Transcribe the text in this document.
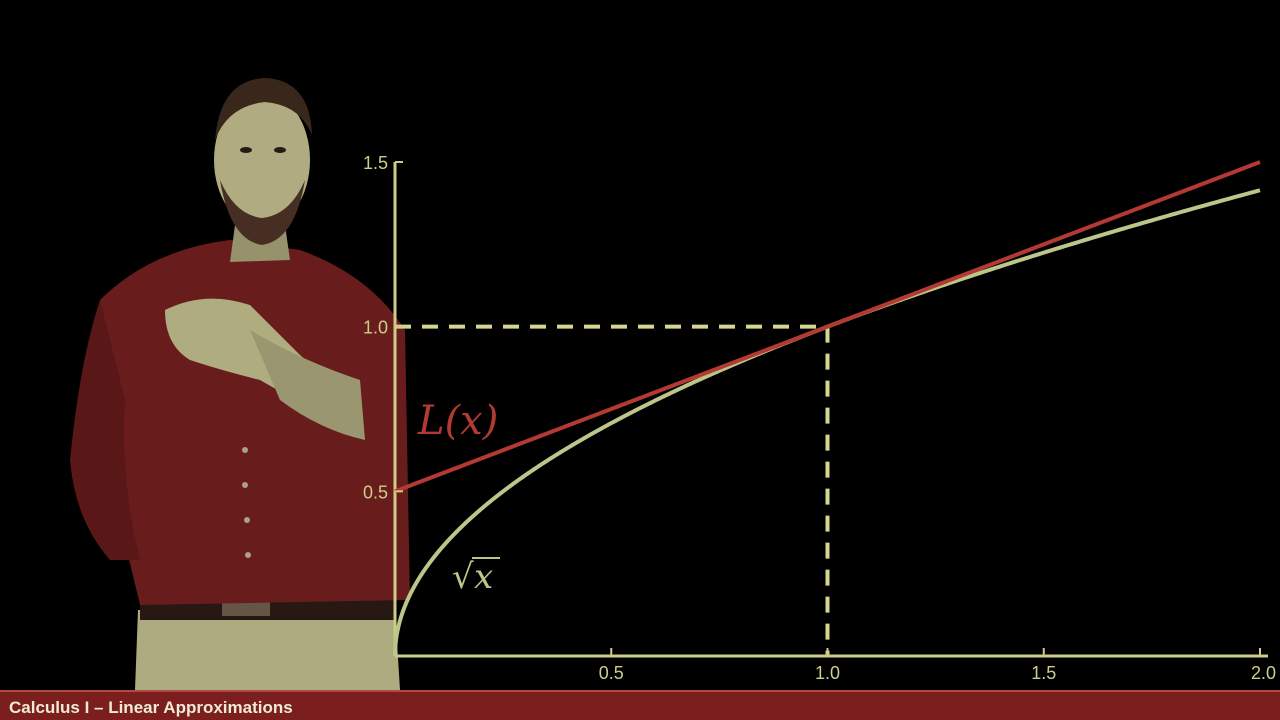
0.5	1.0	1.5	2.0
0.5
1.0
1.5
L(x)
√ x
Calculus I – Linear Approximations
